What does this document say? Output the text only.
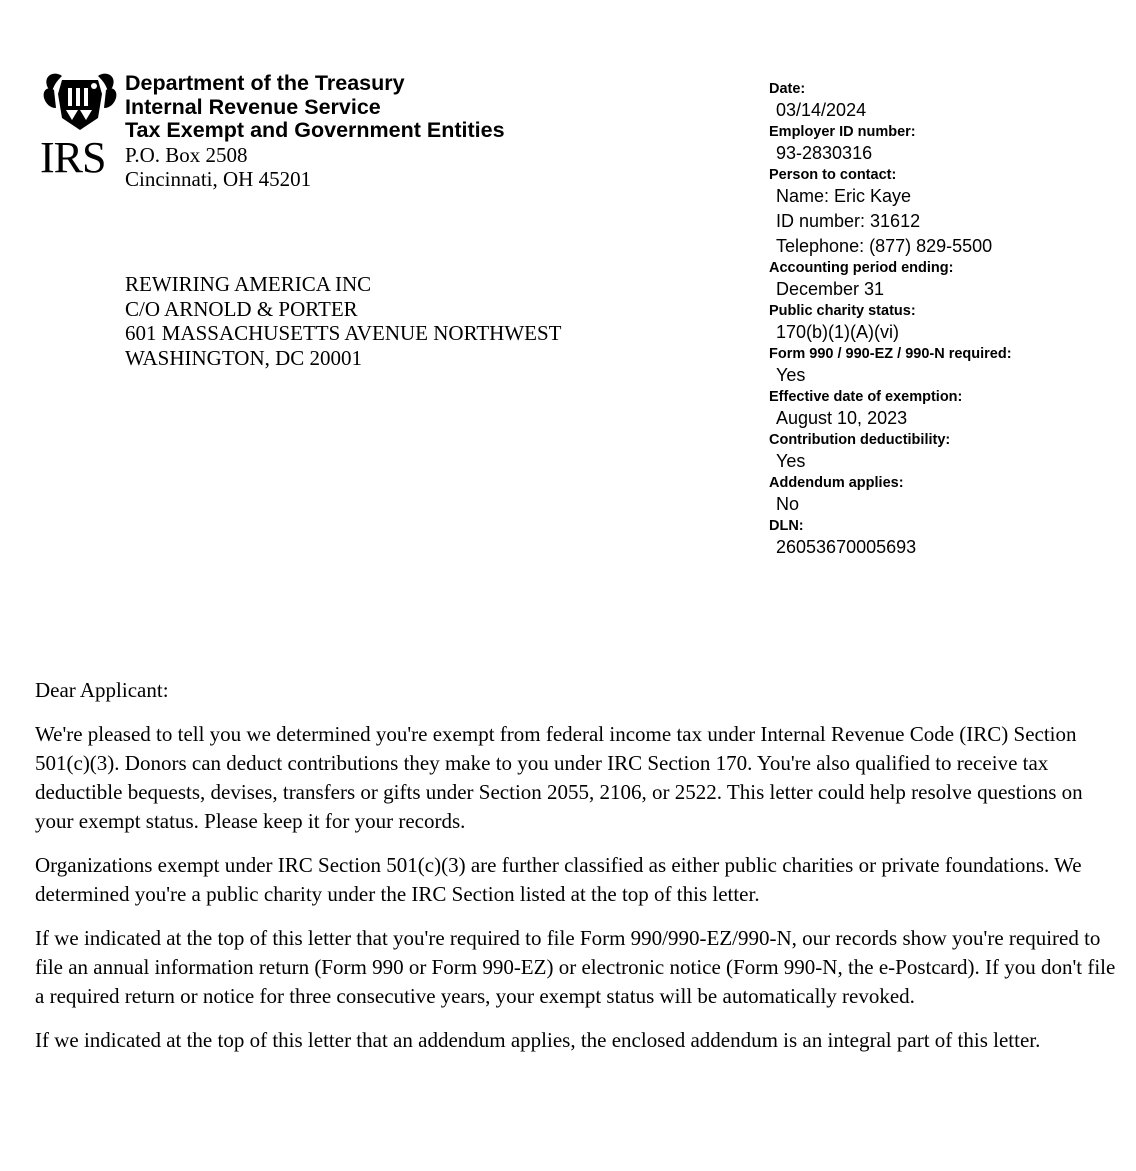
IRS
Department of the Treasury
Internal Revenue Service
Tax Exempt and Government Entities
P.O. Box 2508
Cincinnati, OH 45201
REWIRING AMERICA INC
C/O ARNOLD & PORTER
601 MASSACHUSETTS AVENUE NORTHWEST
WASHINGTON, DC 20001
Date:
03/14/2024
Employer ID number:
93-2830316
Person to contact:
Name: Eric Kaye
ID number: 31612
Telephone: (877) 829-5500
Accounting period ending:
December 31
Public charity status:
170(b)(1)(A)(vi)
Form 990 / 990-EZ / 990-N required:
Yes
Effective date of exemption:
August 10, 2023
Contribution deductibility:
Yes
Addendum applies:
No
DLN:
26053670005693

Dear Applicant:

We're pleased to tell you we determined you're exempt from federal income tax under Internal Revenue Code (IRC) Section 501(c)(3). Donors can deduct contributions they make to you under IRC Section 170. You're also qualified to receive tax deductible bequests, devises, transfers or gifts under Section 2055, 2106, or 2522. This letter could help resolve questions on your exempt status. Please keep it for your records.

Organizations exempt under IRC Section 501(c)(3) are further classified as either public charities or private foundations. We determined you're a public charity under the IRC Section listed at the top of this letter.

If we indicated at the top of this letter that you're required to file Form 990/990-EZ/990-N, our records show you're required to file an annual information return (Form 990 or Form 990-EZ) or electronic notice (Form 990-N, the e-Postcard). If you don't file a required return or notice for three consecutive years, your exempt status will be automatically revoked.

If we indicated at the top of this letter that an addendum applies, the enclosed addendum is an integral part of this letter.
